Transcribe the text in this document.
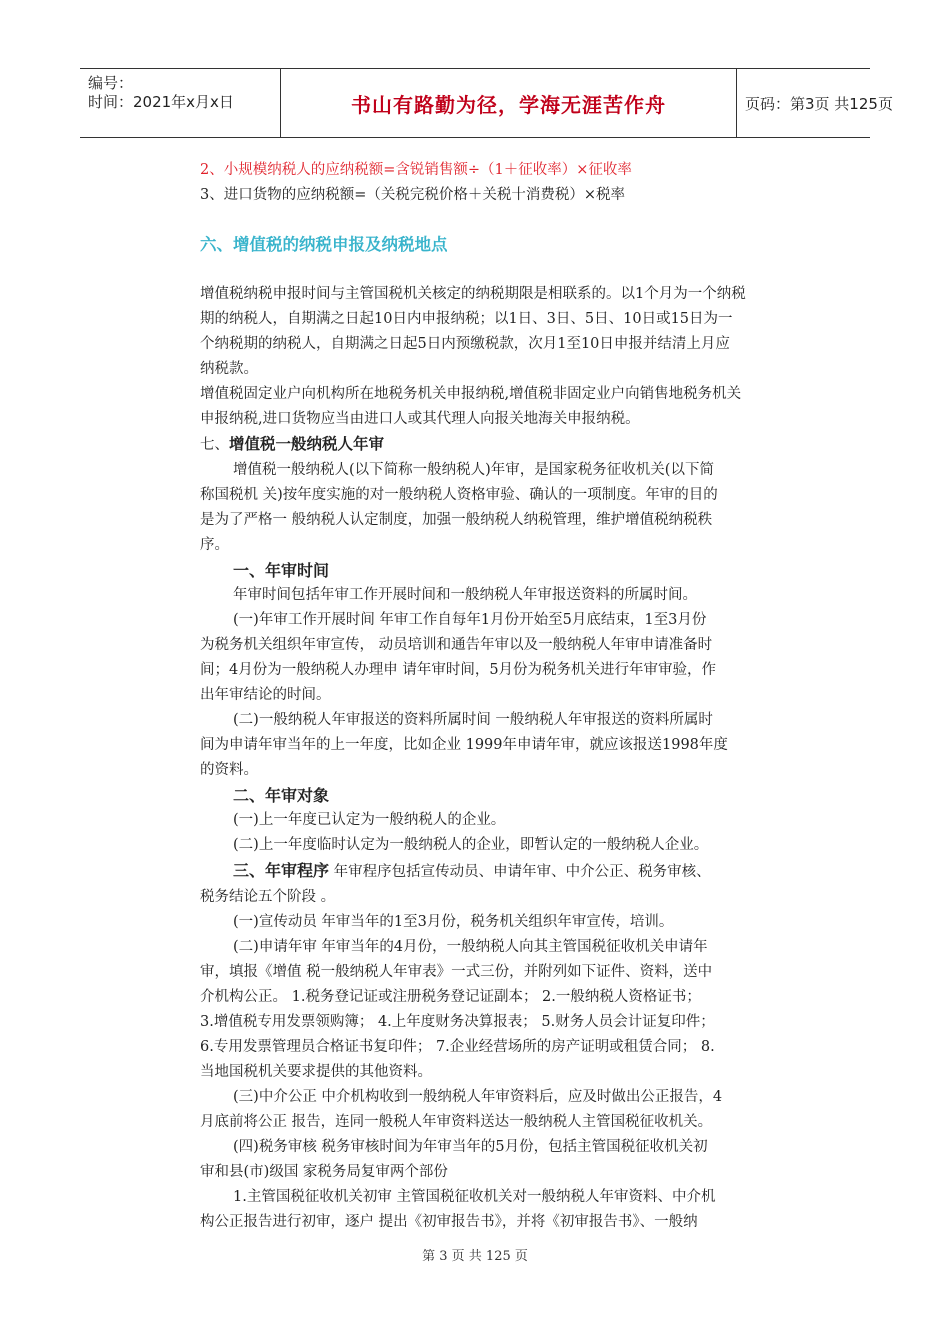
编号：
时间：2021年x月x日	书山有路勤为径，学海无涯苦作舟	页码：第3页 共125页
2、小规模纳税人的应纳税额=含锐销售额÷（1＋征收率）×征收率
3、进口货物的应纳税额=（关税完税价格＋关税十消费税）×税率
六、增值税的纳税申报及纳税地点
增值税纳税申报时间与主管国税机关核定的纳税期限是相联系的。以1个月为一个纳税
期的纳税人，自期满之日起10日内申报纳税；以1日、3日、5日、10日或15日为一
个纳税期的纳税人，自期满之日起5日内预缴税款，次月1至10日申报并结清上月应
纳税款。
增值税固定业户向机构所在地税务机关申报纳税,增值税非固定业户向销售地税务机关
申报纳税,进口货物应当由进口人或其代理人向报关地海关申报纳税。
七、增值税一般纳税人年审
增值税一般纳税人(以下简称一般纳税人)年审，是国家税务征收机关(以下简
称国税机 关)按年度实施的对一般纳税人资格审验、确认的一项制度。年审的目的
是为了严格一 般纳税人认定制度，加强一般纳税人纳税管理，维护增值税纳税秩
序。
一、年审时间
年审时间包括年审工作开展时间和一般纳税人年审报送资料的所属时间。
(一)年审工作开展时间 年审工作自每年1月份开始至5月底结束，1至3月份
为税务机关组织年审宣传， 动员培训和通告年审以及一般纳税人年审申请准备时
间；4月份为一般纳税人办理申 请年审时间，5月份为税务机关进行年审审验，作
出年审结论的时间。
(二)一般纳税人年审报送的资料所属时间 一般纳税人年审报送的资料所属时
间为申请年审当年的上一年度，比如企业 1999年申请年审，就应该报送1998年度
的资料。
二、年审对象
(一)上一年度已认定为一般纳税人的企业。
(二)上一年度临时认定为一般纳税人的企业，即暂认定的一般纳税人企业。
三、年审程序 年审程序包括宣传动员、申请年审、中介公正、税务审核、
税务结论五个阶段 。
(一)宣传动员 年审当年的1至3月份，税务机关组织年审宣传，培训。
(二)申请年审 年审当年的4月份，一般纳税人向其主管国税征收机关申请年
审，填报《增值 税一般纳税人年审表》一式三份，并附列如下证件、资料，送中
介机构公正。 1.税务登记证或注册税务登记证副本； 2.一般纳税人资格证书；
3.增值税专用发票领购簿； 4.上年度财务决算报表； 5.财务人员会计证复印件；
6.专用发票管理员合格证书复印件； 7.企业经营场所的房产证明或租赁合同； 8.
当地国税机关要求提供的其他资料。
(三)中介公正 中介机构收到一般纳税人年审资料后，应及时做出公正报告，4
月底前将公正 报告，连同一般税人年审资料送达一般纳税人主管国税征收机关。
(四)税务审核 税务审核时间为年审当年的5月份，包括主管国税征收机关初
审和县(市)级国 家税务局复审两个部份
1.主管国税征收机关初审 主管国税征收机关对一般纳税人年审资料、中介机
构公正报告进行初审，逐户 提出《初审报告书》，并将《初审报告书》、一般纳
第 3 页 共 125 页
